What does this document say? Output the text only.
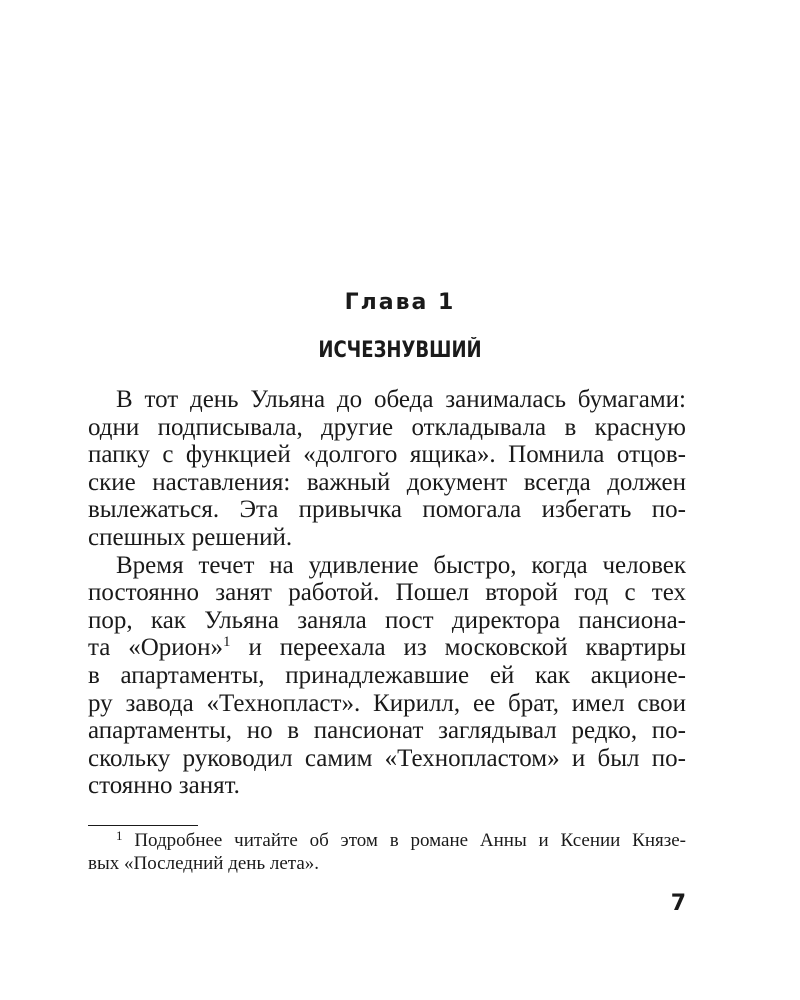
Глава 1
ИСЧЕЗНУВШИЙ
В тот день Ульяна до обеда занималась бумагами:
одни подписывала, другие откладывала в красную
папку с функцией «долгого ящика». Помнила отцов-
ские наставления: важный документ всегда должен
вылежаться. Эта привычка помогала избегать по-
спешных решений.
Время течет на удивление быстро, когда человек
постоянно занят работой. Пошел второй год с тех
пор, как Ульяна заняла пост директора пансиона-
та «Орион»$^1$ и переехала из московской квартиры
в апартаменты, принадлежавшие ей как акционе-
ру завода «Технопласт». Кирилл, ее брат, имел свои
апартаменты, но в пансионат заглядывал редко, по-
скольку руководил самим «Технопластом» и был по-
стоянно занят.
$^1$ Подробнее читайте об этом в романе Анны и Ксении Князе-
вых «Последний день лета».
7
